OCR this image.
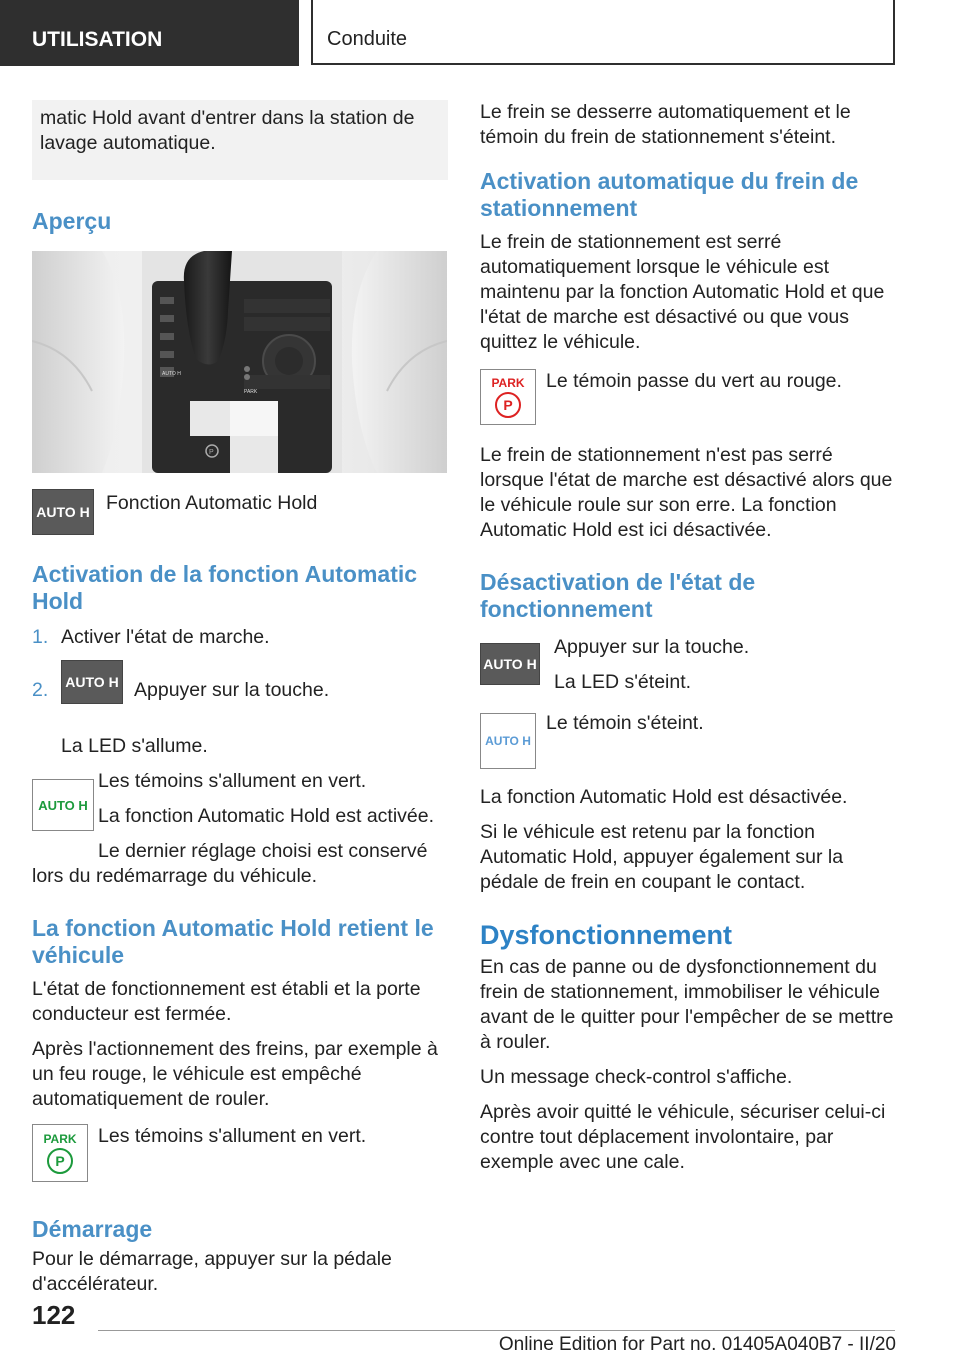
UTILISATION	Conduite

matic Hold avant d'entrer dans la station de lavage automatique.

Aperçu
AUTO H
PARK
P
AUTO H Fonction Automatic Hold

Activation de la fonction Automatic Hold
1. Activer l'état de marche.
2. AUTO H Appuyer sur la touche.

La LED s'allume.

AUTO H

Les témoins s'allument en vert.

La fonction Automatic Hold est activée.

Le dernier réglage choisi est conservé lors du redémarrage du véhicule.

La fonction Automatic Hold retient le véhicule

L'état de fonctionnement est établi et la porte conducteur est fermée.

Après l'actionnement des freins, par exemple à un feu rouge, le véhicule est empêché automatiquement de rouler.

PARK
P

Les témoins s'allument en vert.

Démarrage

Pour le démarrage, appuyer sur la pédale d'accélérateur.

Le frein se desserre automatiquement et le témoin du frein de stationnement s'éteint.

Activation automatique du frein de stationnement

Le frein de stationnement est serré automatiquement lorsque le véhicule est maintenu par la fonction Automatic Hold et que l'état de marche est désactivé ou que vous quittez le véhicule.

PARK
P

Le témoin passe du vert au rouge.

Le frein de stationnement n'est pas serré lorsque l'état de marche est désactivé alors que le véhicule roule sur son erre. La fonction Automatic Hold est ici désactivée.

Désactivation de l'état de fonctionnement
AUTO H

Appuyer sur la touche.

La LED s'éteint.

AUTO H

Le témoin s'éteint.

La fonction Automatic Hold est désactivée.

Si le véhicule est retenu par la fonction Automatic Hold, appuyer également sur la pédale de frein en coupant le contact.

Dysfonctionnement

En cas de panne ou de dysfonctionnement du frein de stationnement, immobiliser le véhicule avant de le quitter pour l'empêcher de se mettre à rouler.

Un message check-control s'affiche.

Après avoir quitté le véhicule, sécuriser celui-ci contre tout déplacement involontaire, par exemple avec une cale.

122
Online Edition for Part no. 01405A040B7 - II/20
